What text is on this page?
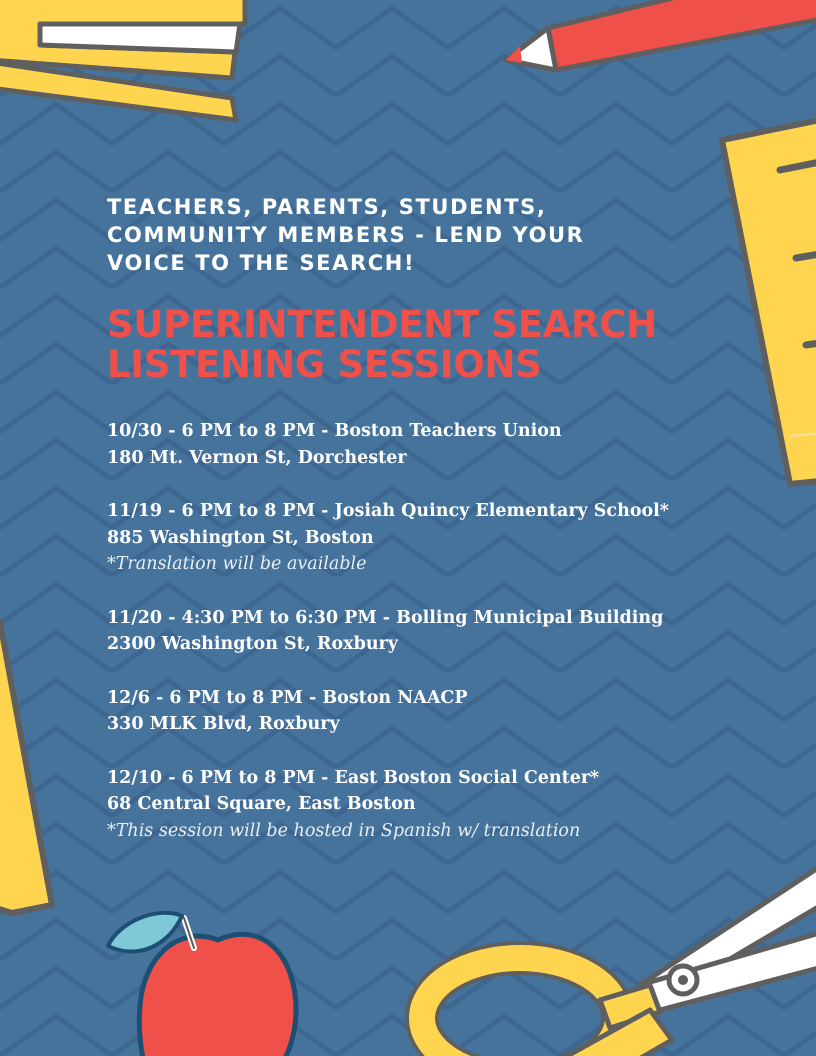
TEACHERS, PARENTS, STUDENTS,
COMMUNITY MEMBERS - LEND YOUR
VOICE TO THE SEARCH!
SUPERINTENDENT SEARCH
LISTENING SESSIONS
10/30 - 6 PM to 8 PM - Boston Teachers Union
180 Mt. Vernon St, Dorchester
11/19 - 6 PM to 8 PM - Josiah Quincy Elementary School*
885 Washington St, Boston
*Translation will be available
11/20 - 4:30 PM to 6:30 PM - Bolling Municipal Building
2300 Washington St, Roxbury
12/6 - 6 PM to 8 PM - Boston NAACP
330 MLK Blvd, Roxbury
12/10 - 6 PM to 8 PM - East Boston Social Center*
68 Central Square, East Boston
*This session will be hosted in Spanish w/ translation
